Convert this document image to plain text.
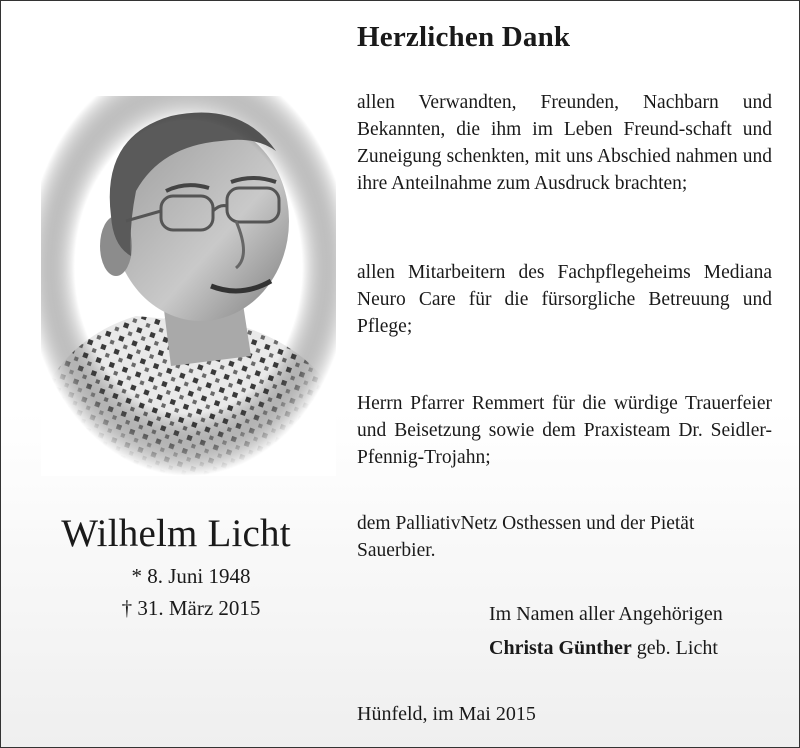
Wilhelm Licht
* 8. Juni 1948
† 31. März 2015
Herzlichen Dank

allen Verwandten, Freunden, Nachbarn und Bekannten, die ihm im Leben Freund-schaft und Zuneigung schenkten, mit uns Abschied nahmen und ihre Anteilnahme zum Ausdruck brachten;

allen Mitarbeitern des Fachpflegeheims Mediana Neuro Care für die fürsorgliche Betreuung und Pflege;

Herrn Pfarrer Remmert für die würdige Trauerfeier und Beisetzung sowie dem Praxisteam Dr. Seidler-Pfennig-Trojahn;

dem PalliativNetz Osthessen und der Pietät Sauerbier.

Im Namen aller Angehörigen
Christa Günther geb. Licht
Hünfeld, im Mai 2015
